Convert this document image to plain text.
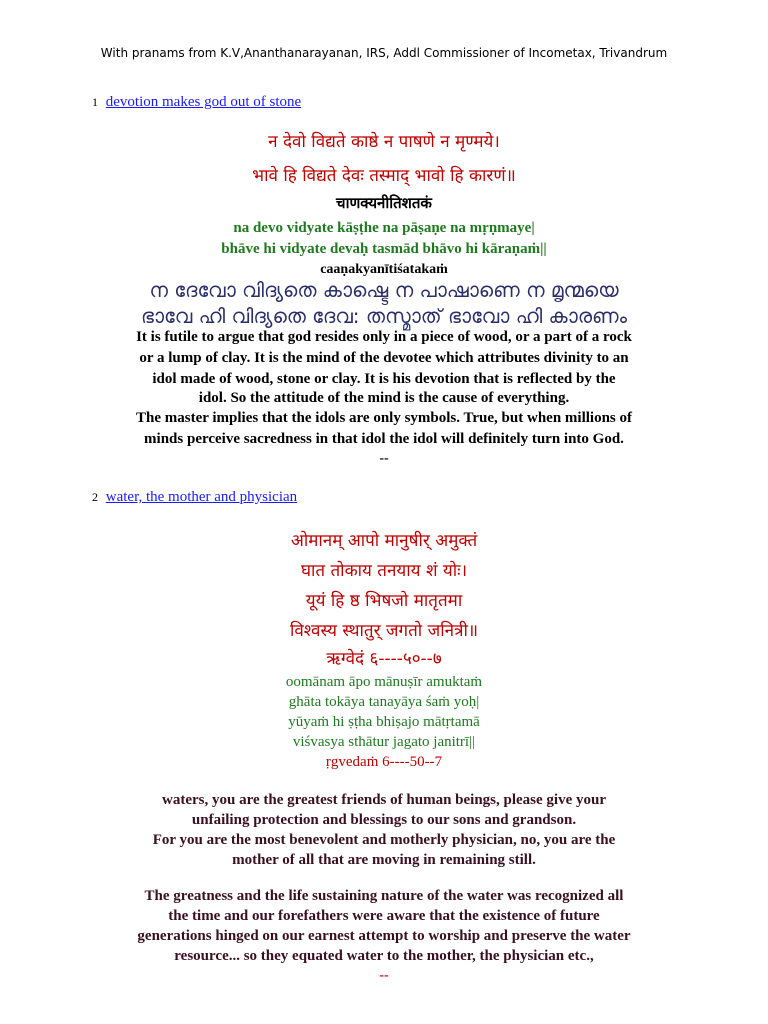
With pranams from K.V,Ananthanarayanan, IRS, Addl Commissioner of Incometax, Trivandrum
1 devotion makes god out of stone
न देवो विद्यते काष्ठे न पाषणे न मृण्मये।
भावे हि विद्यते देवः तस्माद् भावो हि कारणं॥
चाणक्यनीतिशतकं
na devo vidyate kāṣṭhe na pāṣaṇe na mṛṇmaye|
bhāve hi vidyate devaḥ tasmād bhāvo hi kāraṇaṁ||
caaṇakyanītiśatakaṁ
ന ദേവോ വിദ്യതെ കാഷ്ടെ ന പാഷാണെ ന മൃന്മയെ
ഭാവേ ഹി വിദ്യതെ ദേവ: തസ്മാത് ഭാവോ ഹി കാരണം
It is futile to argue that god resides only in a piece of wood, or a part of a rock
or a lump of clay. It is the mind of the devotee which attributes divinity to an
idol made of wood, stone or clay. It is his devotion that is reflected by the
idol. So the attitude of the mind is the cause of everything.
The master implies that the idols are only symbols. True, but when millions of
minds perceive sacredness in that idol the idol will definitely turn into God.
--
2 water, the mother and physician
ओमानम् आपो मानुषीर् अमुक्तं
घात तोकाय तनयाय शं योः।
यूयं हि ष्ठ भिषजो मातृतमा
विश्वस्य स्थातुर् जगतो जनित्री॥
ऋग्वेदं ६----५०--७
oomānam āpo mānuṣīr amuktaṁ
ghāta tokāya tanayāya śaṁ yoḥ|
yūyaṁ hi ṣṭha bhiṣajo mātṛtamā
viśvasya sthātur jagato janitrī||
ṛgvedaṁ 6----50--7
waters, you are the greatest friends of human beings, please give your
unfailing protection and blessings to our sons and grandson.
For you are the most benevolent and motherly physician, no, you are the
mother of all that are moving in remaining still.
The greatness and the life sustaining nature of the water was recognized all
the time and our forefathers were aware that the existence of future
generations hinged on our earnest attempt to worship and preserve the water
resource... so they equated water to the mother, the physician etc.,
--
